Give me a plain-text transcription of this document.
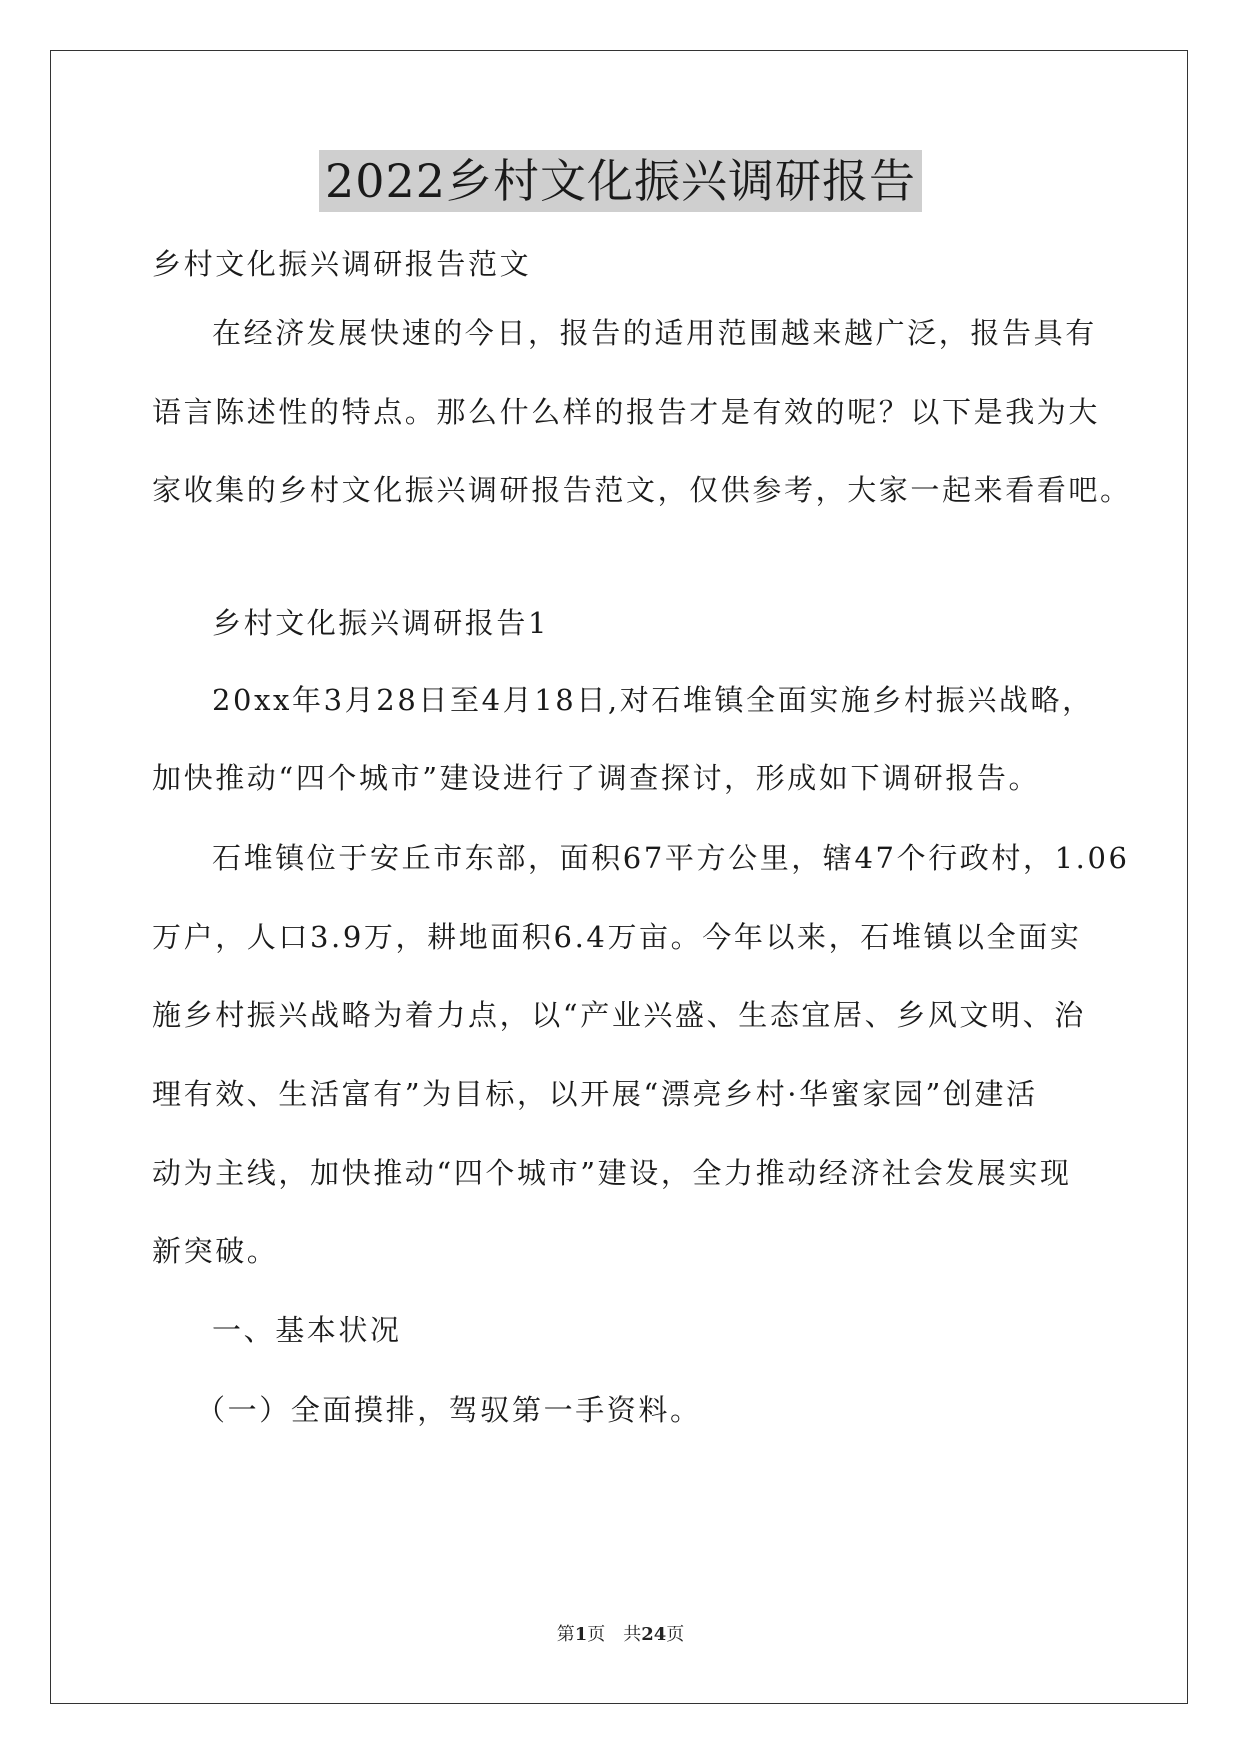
2022乡村文化振兴调研报告
乡村文化振兴调研报告范文
在经济发展快速的今日，报告的适用范围越来越广泛，报告具有
语言陈述性的特点。那么什么样的报告才是有效的呢？以下是我为大
家收集的乡村文化振兴调研报告范文，仅供参考，大家一起来看看吧。
乡村文化振兴调研报告1
20xx年3月28日至4月18日,对石堆镇全面实施乡村振兴战略，
加快推动“四个城市”建设进行了调查探讨，形成如下调研报告。
石堆镇位于安丘市东部，面积67平方公里，辖47个行政村，1.06
万户，人口3.9万，耕地面积6.4万亩。今年以来，石堆镇以全面实
施乡村振兴战略为着力点，以“产业兴盛、生态宜居、乡风文明、治
理有效、生活富有”为目标，以开展“漂亮乡村·华蜜家园”创建活
动为主线，加快推动“四个城市”建设，全力推动经济社会发展实现
新突破。
一、基本状况
（一）全面摸排，驾驭第一手资料。
第1页　共24页
